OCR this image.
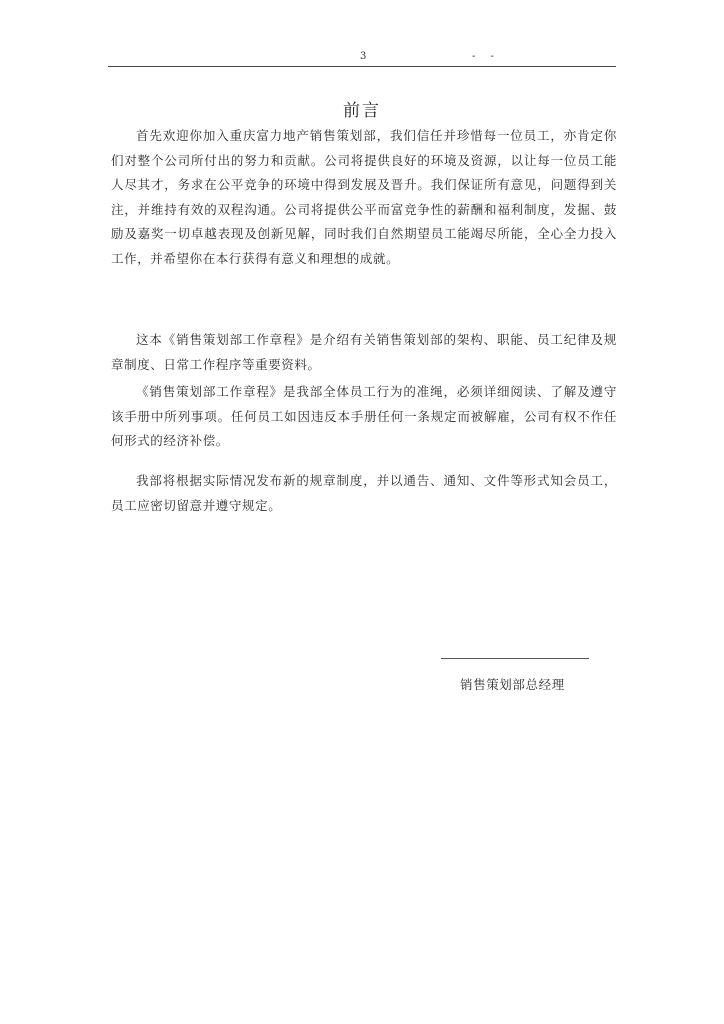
3	- -
前言

首先欢迎你加入重庆富力地产销售策划部，我们信任并珍惜每一位员工，亦肯定你们对整个公司所付出的努力和贡献。公司将提供良好的环境及资源，以让每一位员工能人尽其才，务求在公平竞争的环境中得到发展及晋升。我们保证所有意见，问题得到关注，并维持有效的双程沟通。公司将提供公平而富竞争性的薪酬和福利制度，发掘、鼓励及嘉奖一切卓越表现及创新见解，同时我们自然期望员工能竭尽所能，全心全力投入工作，并希望你在本行获得有意义和理想的成就。

这本《销售策划部工作章程》是介绍有关销售策划部的架构、职能、员工纪律及规章制度、日常工作程序等重要资料。

《销售策划部工作章程》是我部全体员工行为的准绳，必须详细阅读、了解及遵守该手册中所列事项。任何员工如因违反本手册任何一条规定而被解雇，公司有权不作任何形式的经济补偿。

我部将根据实际情况发布新的规章制度，并以通告、通知、文件等形式知会员工，员工应密切留意并遵守规定。

销售策划部总经理
